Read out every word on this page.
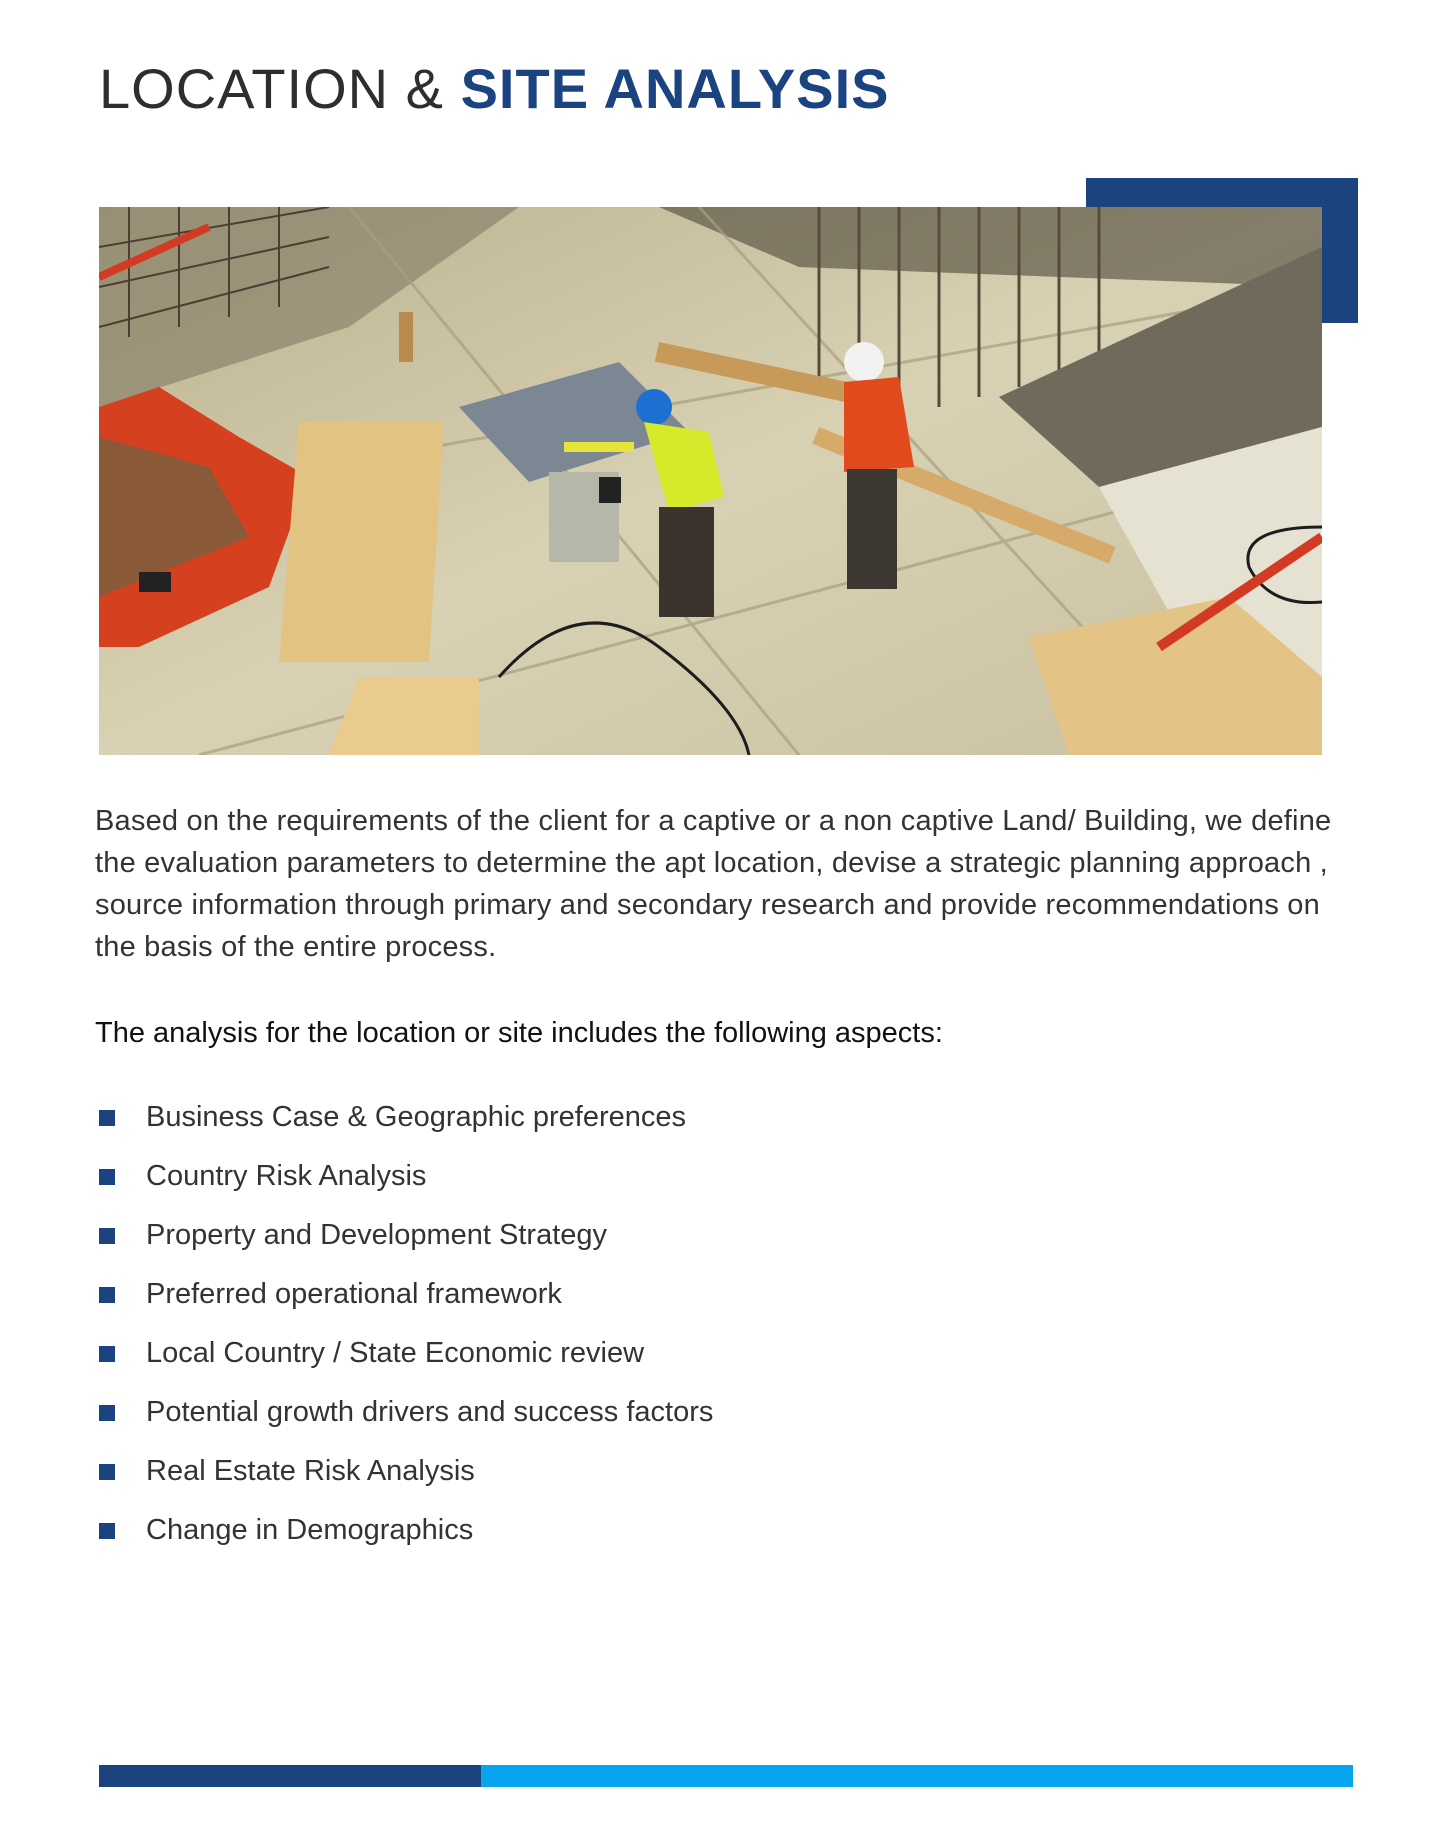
LOCATION & SITE ANALYSIS

Based on the requirements of the client for a captive or a non captive Land/ Building, we define the evaluation parameters to determine the apt location, devise a strategic planning approach , source information through primary and secondary research and provide recommendations on the basis of the entire process.

The analysis for the location or site includes the following aspects:

Business Case & Geographic preferences
Country Risk Analysis
Property and Development Strategy
Preferred operational framework
Local Country / State Economic review
Potential growth drivers and success factors
Real Estate Risk Analysis
Change in Demographics
